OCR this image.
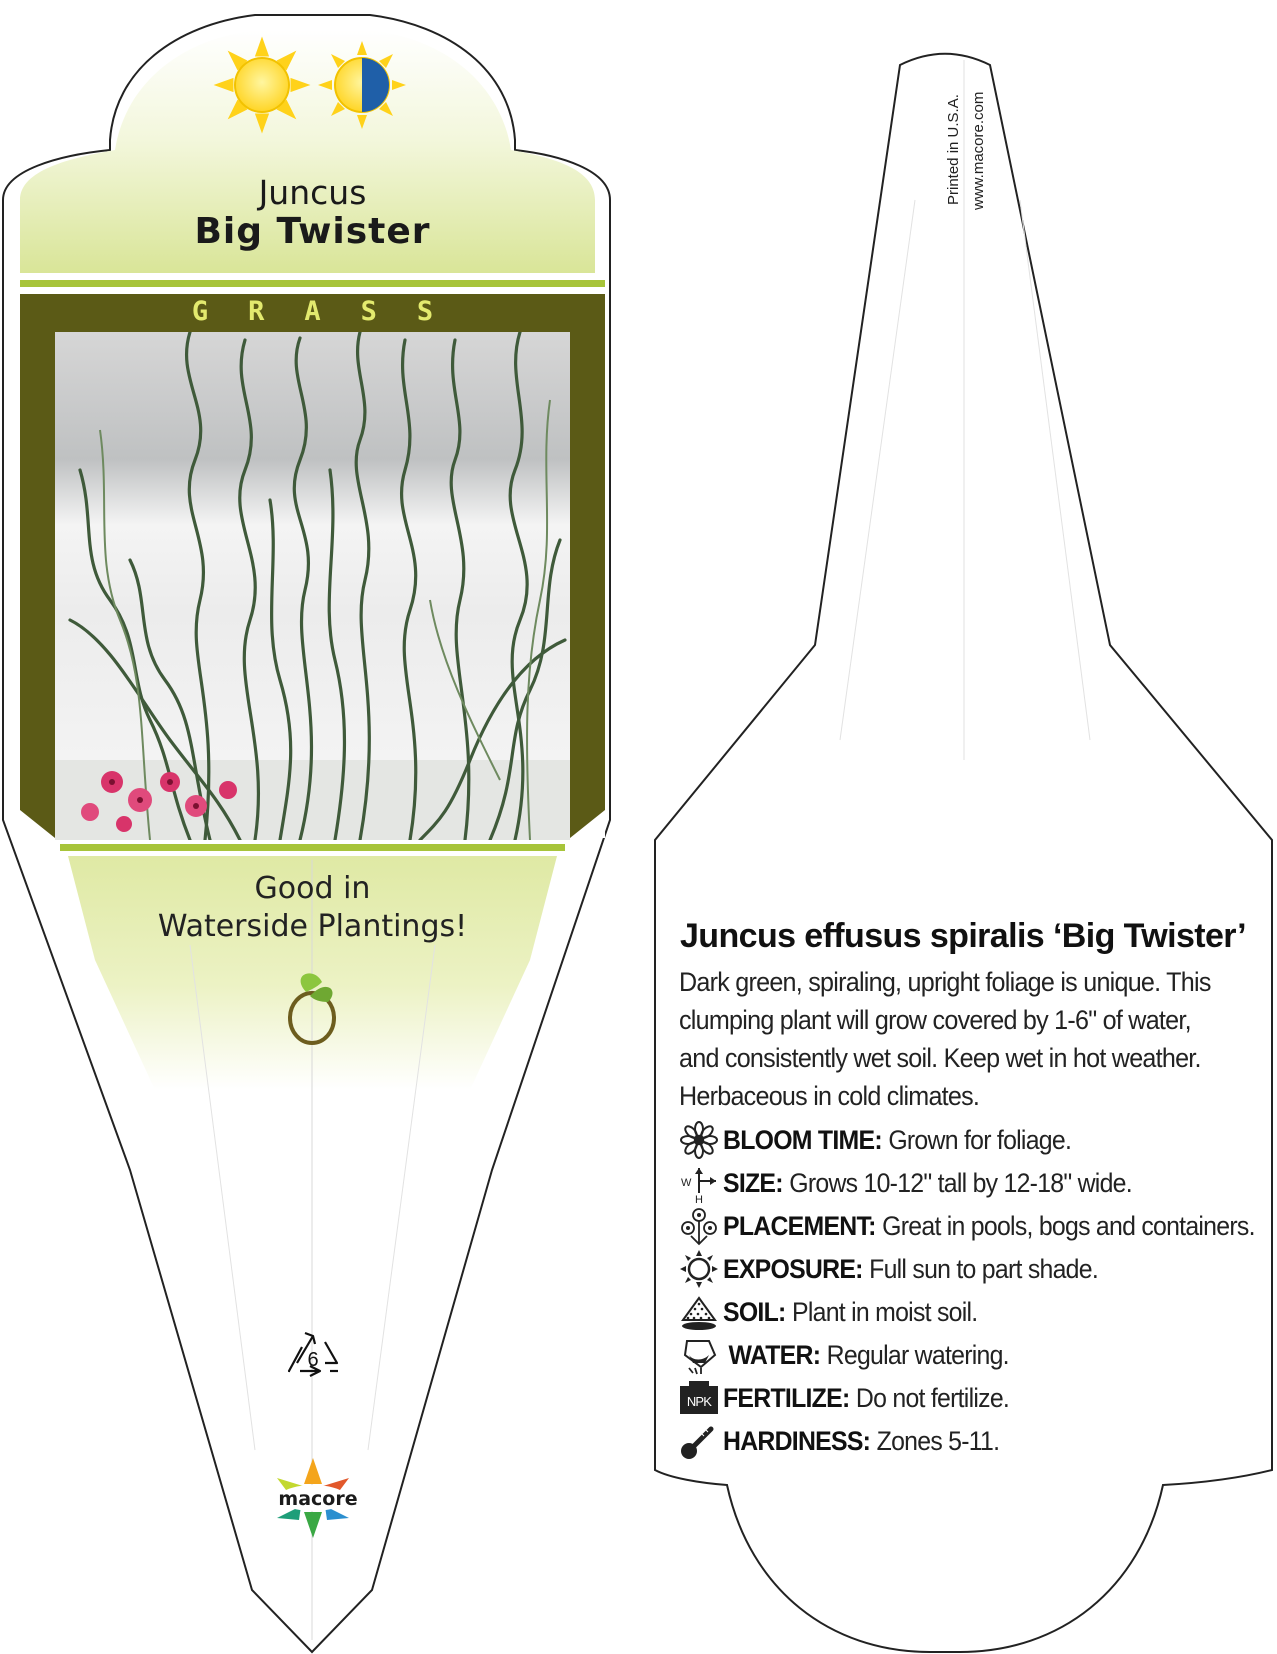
Juncus
Big Twister
GRASS
Good in
Waterside Plantings!
6
macore
Printed in U.S.A. www.macore.com
Juncus effusus spiralis ‘Big Twister’
Dark green, spiraling, upright foliage is unique. This clumping plant will grow covered by 1-6" of water, and consistently wet soil. Keep wet in hot weather. Herbaceous in cold climates.
BLOOM TIME: Grown for foliage.
W
H
SIZE: Grows 10-12" tall by 12-18" wide.
PLACEMENT: Great in pools, bogs and containers.
EXPOSURE: Full sun to part shade.
SOIL: Plant in moist soil.
WATER: Regular watering.
NPK FERTILIZE: Do not fertilize.
HARDINESS: Zones 5-11.
